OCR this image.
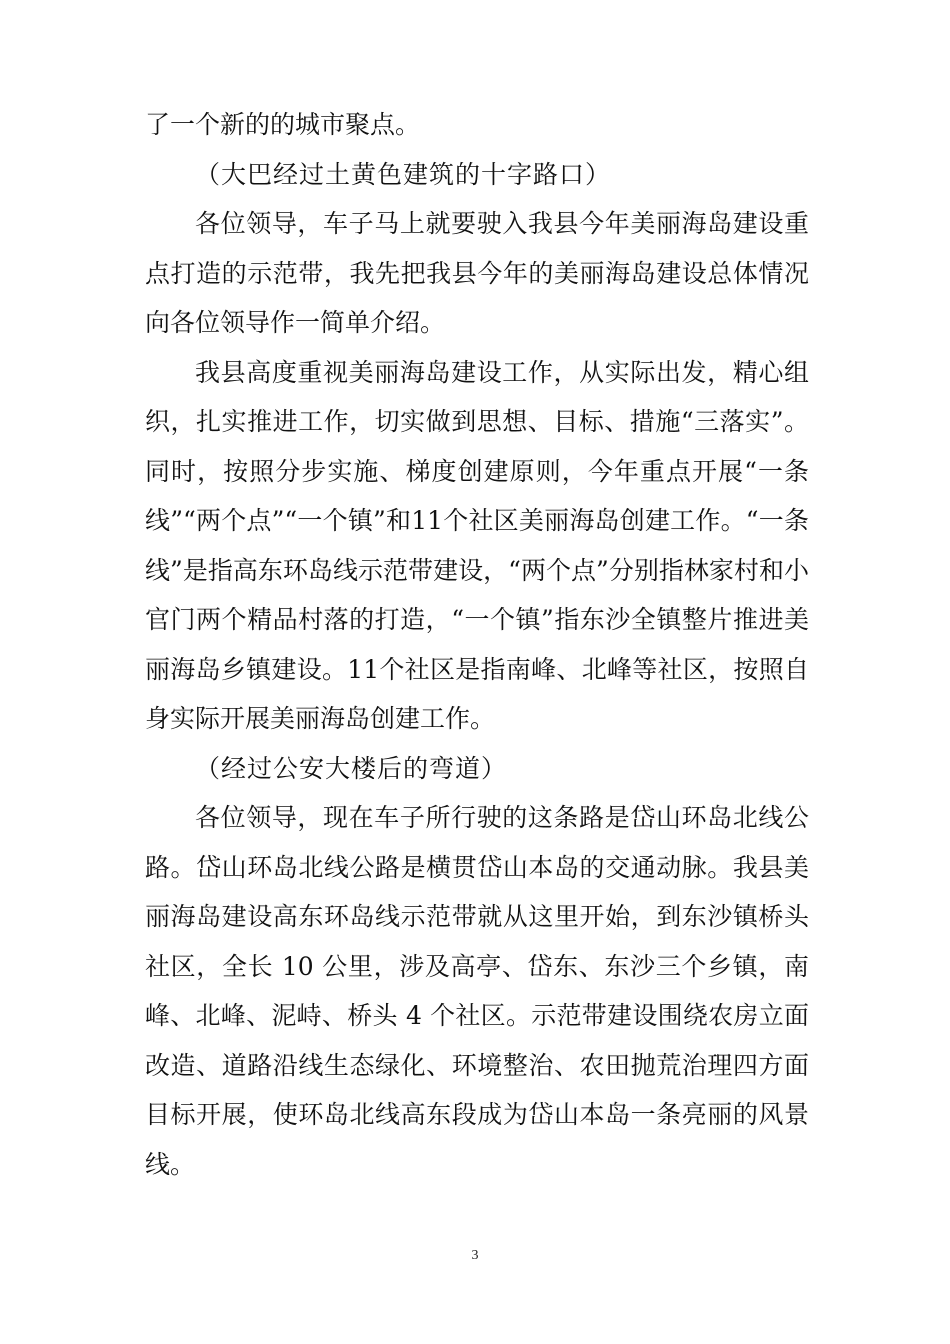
了一个新的的城市聚点。

（大巴经过土黄色建筑的十字路口）

各位领导，车子马上就要驶入我县今年美丽海岛建设重点打造的示范带，我先把我县今年的美丽海岛建设总体情况向各位领导作一简单介绍。

我县高度重视美丽海岛建设工作，从实际出发，精心组织，扎实推进工作，切实做到思想、目标、措施“三落实”。同时，按照分步实施、梯度创建原则，今年重点开展“一条线”“两个点”“一个镇”和11个社区美丽海岛创建工作。“一条线”是指高东环岛线示范带建设，“两个点”分别指林家村和小官门两个精品村落的打造，“一个镇”指东沙全镇整片推进美丽海岛乡镇建设。11个社区是指南峰、北峰等社区，按照自身实际开展美丽海岛创建工作。

（经过公安大楼后的弯道）

各位领导，现在车子所行驶的这条路是岱山环岛北线公路。岱山环岛北线公路是横贯岱山本岛的交通动脉。我县美丽海岛建设高东环岛线示范带就从这里开始，到东沙镇桥头社区，全长 10 公里，涉及高亭、岱东、东沙三个乡镇，南峰、北峰、泥峙、桥头 4 个社区。示范带建设围绕农房立面改造、道路沿线生态绿化、环境整治、农田抛荒治理四方面目标开展，使环岛北线高东段成为岱山本岛一条亮丽的风景线。

3
